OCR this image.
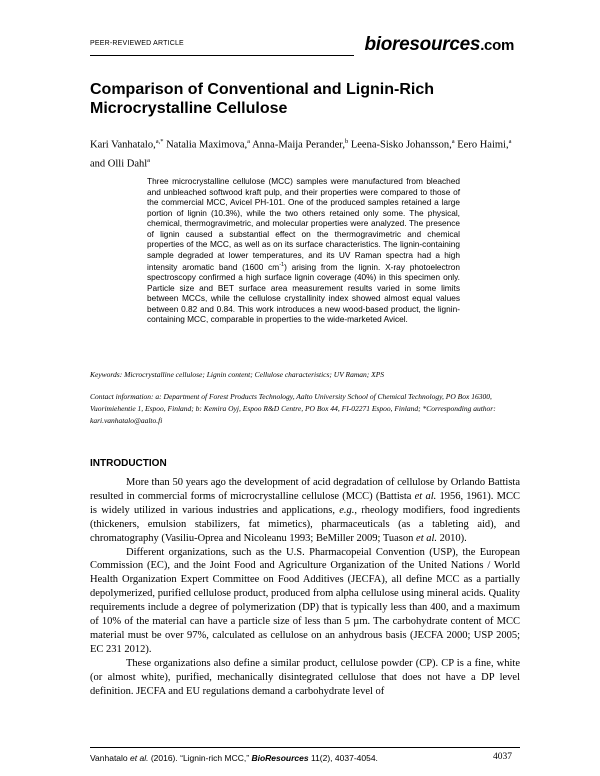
PEER-REVIEWED ARTICLE	bioresources.com
Comparison of Conventional and Lignin-Rich Microcrystalline Cellulose
Kari Vanhatalo,$^{a,*}$ Natalia Maximova,$^a$ Anna-Maija Perander,$^b$ Leena-Sisko Johansson,$^a$ Eero Haimi,$^a$ and Olli Dahl$^a$
Three microcrystalline cellulose (MCC) samples were manufactured from bleached and unbleached softwood kraft pulp, and their properties were compared to those of the commercial MCC, Avicel PH-101. One of the produced samples retained a large portion of lignin (10.3%), while the two others retained only some. The physical, chemical, thermogravimetric, and molecular properties were analyzed. The presence of lignin caused a substantial effect on the thermogravimetric and chemical properties of the MCC, as well as on its surface characteristics. The lignin-containing sample degraded at lower temperatures, and its UV Raman spectra had a high intensity aromatic band (1600 $cm^{-1}$) arising from the lignin. X-ray photoelectron spectroscopy confirmed a high surface lignin coverage (40%) in this specimen only. Particle size and BET surface area measurement results varied in some limits between MCCs, while the cellulose crystallinity index showed almost equal values between 0.82 and 0.84. This work introduces a new wood-based product, the lignin-containing MCC, comparable in properties to the wide-marketed Avicel.
Keywords: Microcrystalline cellulose; Lignin content; Cellulose characteristics; UV Raman; XPS
Contact information: a: Department of Forest Products Technology, Aalto University School of Chemical Technology, PO Box 16300, Vuorimiehentie 1, Espoo, Finland; b: Kemira Oyj, Espoo R&D Centre, PO Box 44, FI-02271 Espoo, Finland; *Corresponding author: kari.vanhatalo@aalto.fi
INTRODUCTION

More than 50 years ago the development of acid degradation of cellulose by Orlando Battista resulted in commercial forms of microcrystalline cellulose (MCC) (Battista et al. 1956, 1961). MCC is widely utilized in various industries and applications, e.g., rheology modifiers, food ingredients (thickeners, emulsion stabilizers, fat mimetics), pharmaceuticals (as a tableting aid), and chromatography (Vasiliu-Oprea and Nicoleanu 1993; BeMiller 2009; Tuason et al. 2010).

Different organizations, such as the U.S. Pharmacopeial Convention (USP), the European Commission (EC), and the Joint Food and Agriculture Organization of the United Nations / World Health Organization Expert Committee on Food Additives (JECFA), all define MCC as a partially depolymerized, purified cellulose product, produced from alpha cellulose using mineral acids. Quality requirements include a degree of polymerization (DP) that is typically less than 400, and a maximum of 10% of the material can have a particle size of less than 5 µm. The carbohydrate content of MCC material must be over 97%, calculated as cellulose on an anhydrous basis (JECFA 2000; USP 2005; EC 231 2012).

These organizations also define a similar product, cellulose powder (CP). CP is a fine, white (or almost white), purified, mechanically disintegrated cellulose that does not have a DP level definition. JECFA and EU regulations demand a carbohydrate level of

Vanhatalo et al. (2016). “Lignin-rich MCC,” BioResources 11(2), 4037-4054.	4037
